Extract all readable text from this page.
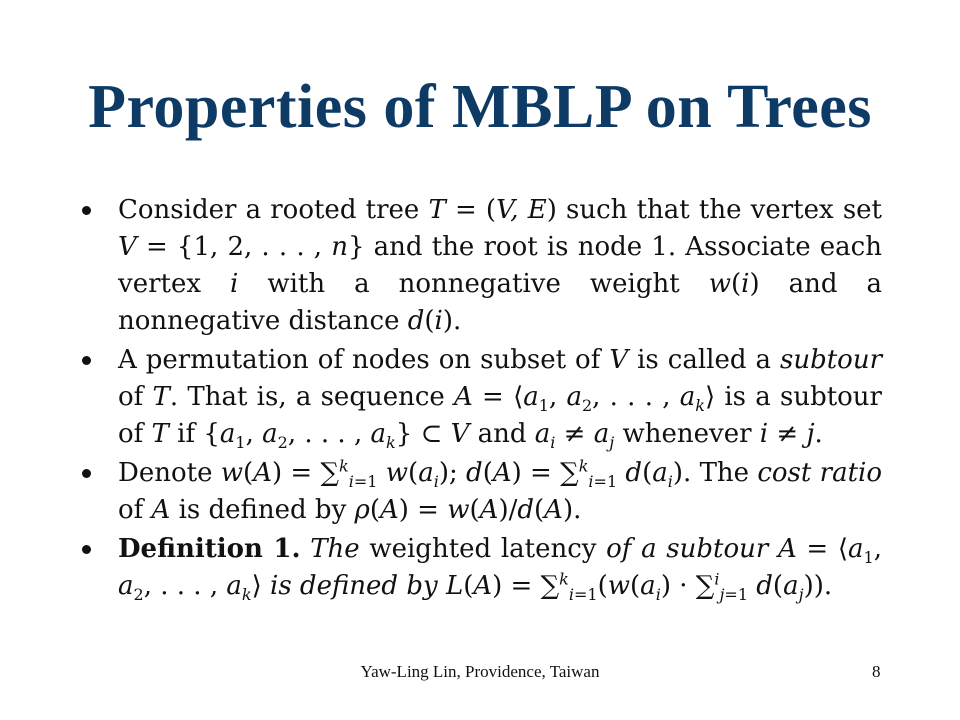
Properties of MBLP on Trees
Consider a rooted tree T = (V, E) such that the vertex set V = {1, 2, . . . , n} and the root is node 1. Associate each vertex i with a nonnegative weight w(i) and a nonnegative distance d(i).
A permutation of nodes on subset of V is called a subtour of T. That is, a sequence $A = ⟨a_1$, $a_2$, . . . , $a_k⟩$ is a subtour of T if {$a_1$, $a_2$, . . . , $a_k$} ⊂ V and $a_i \ne a_j$ whenever i ≠ j.
Denote w(A) = ∑$^k_{i=1}$ $w(a_i)$; d(A) = ∑$^k_{i=1}$ $d(a_i)$. The cost ratio of A is defined by ρ(A) = w(A)/d(A).
Definition 1. The weighted latency of a subtour $A = ⟨a_1$, $a_2$, . . . , $a_k⟩$ is defined by $L(A) = \sum^k_{i=1}(w(a_i) \cdot \sum^i_{j=1}$ $d(a_j)$).
Yaw-Ling Lin, Providence, Taiwan	8
